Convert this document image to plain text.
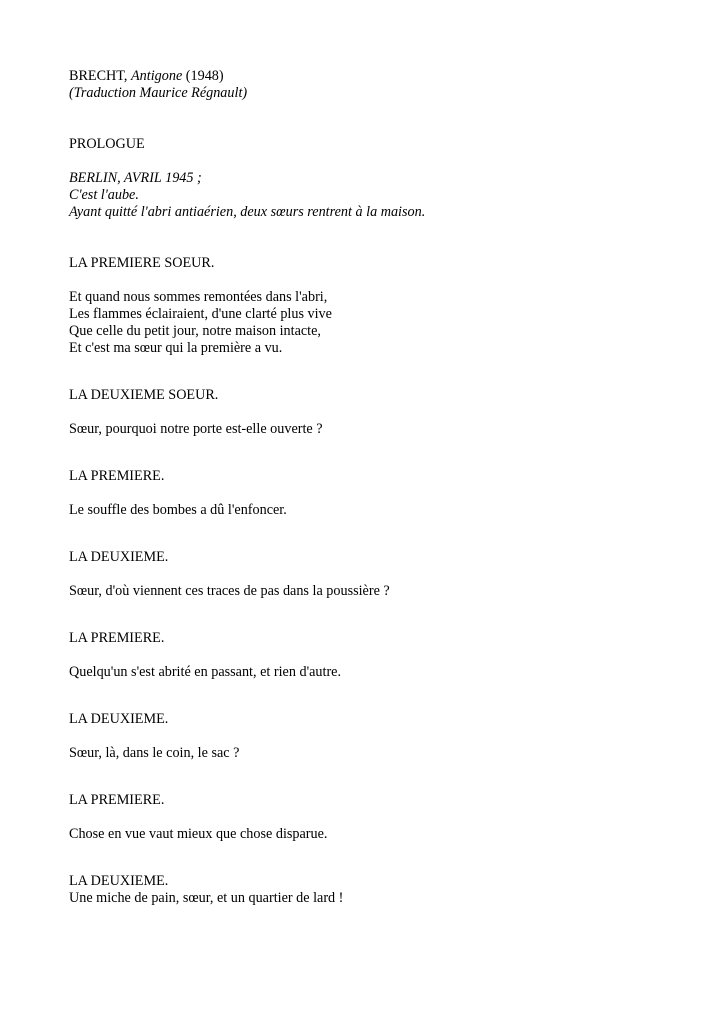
BRECHT, Antigone (1948)
(Traduction Maurice Régnault)
PROLOGUE
BERLIN, AVRIL 1945 ;
C'est l'aube.
Ayant quitté l'abri antiaérien, deux sœurs rentrent à la maison.
LA PREMIERE SOEUR.
Et quand nous sommes remontées dans l'abri,
Les flammes éclairaient, d'une clarté plus vive
Que celle du petit jour, notre maison intacte,
Et c'est ma sœur qui la première a vu.
LA DEUXIEME SOEUR.
Sœur, pourquoi notre porte est-elle ouverte ?
LA PREMIERE.
Le souffle des bombes a dû l'enfoncer.
LA DEUXIEME.
Sœur, d'où viennent ces traces de pas dans la poussière ?
LA PREMIERE.
Quelqu'un s'est abrité en passant, et rien d'autre.
LA DEUXIEME.
Sœur, là, dans le coin, le sac ?
LA PREMIERE.
Chose en vue vaut mieux que chose disparue.
LA DEUXIEME.
Une miche de pain, sœur, et un quartier de lard !
